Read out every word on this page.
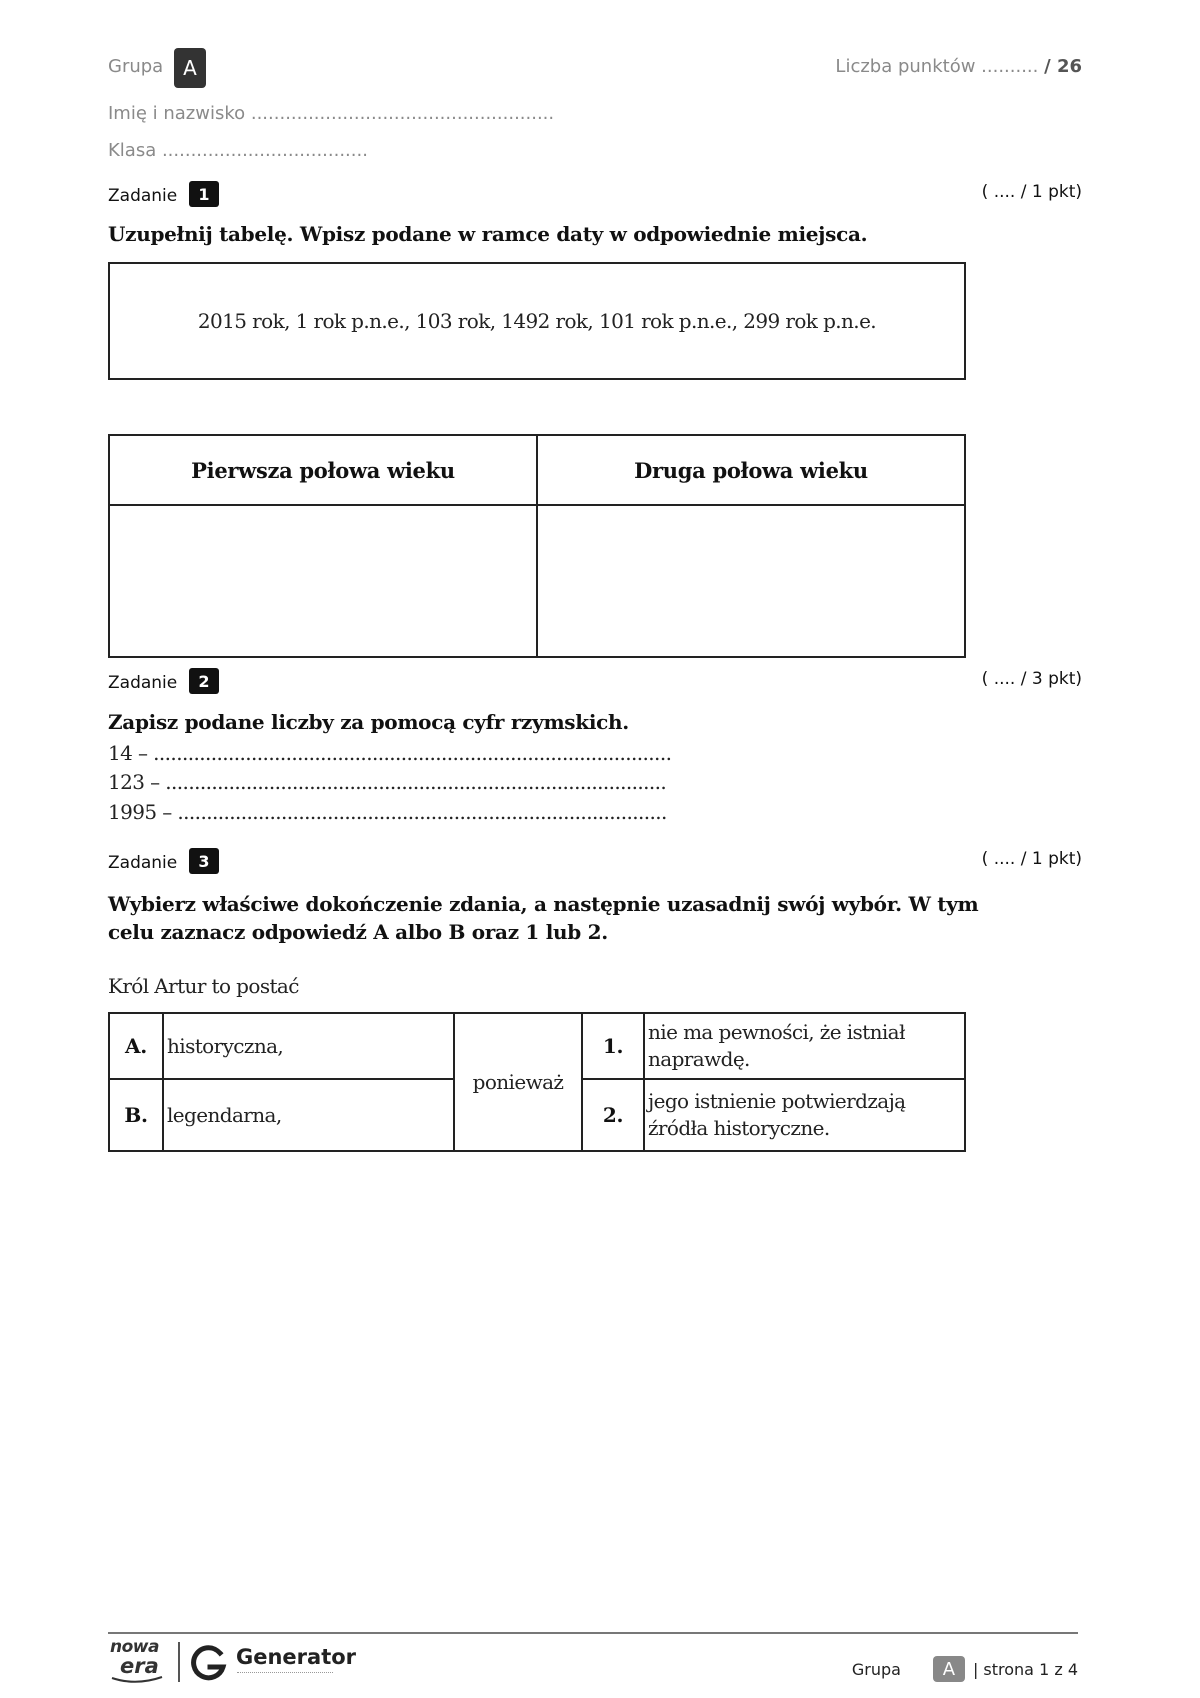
Grupa A	Liczba punktów .......... / 26
Imię i nazwisko .....................................................
Klasa ....................................
Zadanie	1	( .... / 1 pkt)
Uzupełnij tabelę. Wpisz podane w ramce daty w odpowiednie miejsca.
2015 rok, 1 rok p.n.e., 103 rok, 1492 rok, 101 rok p.n.e., 299 rok p.n.e.
Pierwsza połowa wieku	Druga połowa wieku

Zadanie	2	( .... / 3 pkt)
Zapisz podane liczby za pomocą cyfr rzymskich.
14 – ..........................................................................................
123 – .......................................................................................
1995 – .....................................................................................
Zadanie	3	( .... / 1 pkt)
Wybierz właściwe dokończenie zdania, a następnie uzasadnij swój wybór. W tym
celu zaznacz odpowiedź A albo B oraz 1 lub 2.
Król Artur to postać
A.	historyczna,	ponieważ	1.	nie ma pewności, że istniał naprawdę.
B.	legendarna,		2.	jego istnienie potwierdzają źródła historyczne.
nowa
era	Generator	Grupa	A	| strona 1 z 4
